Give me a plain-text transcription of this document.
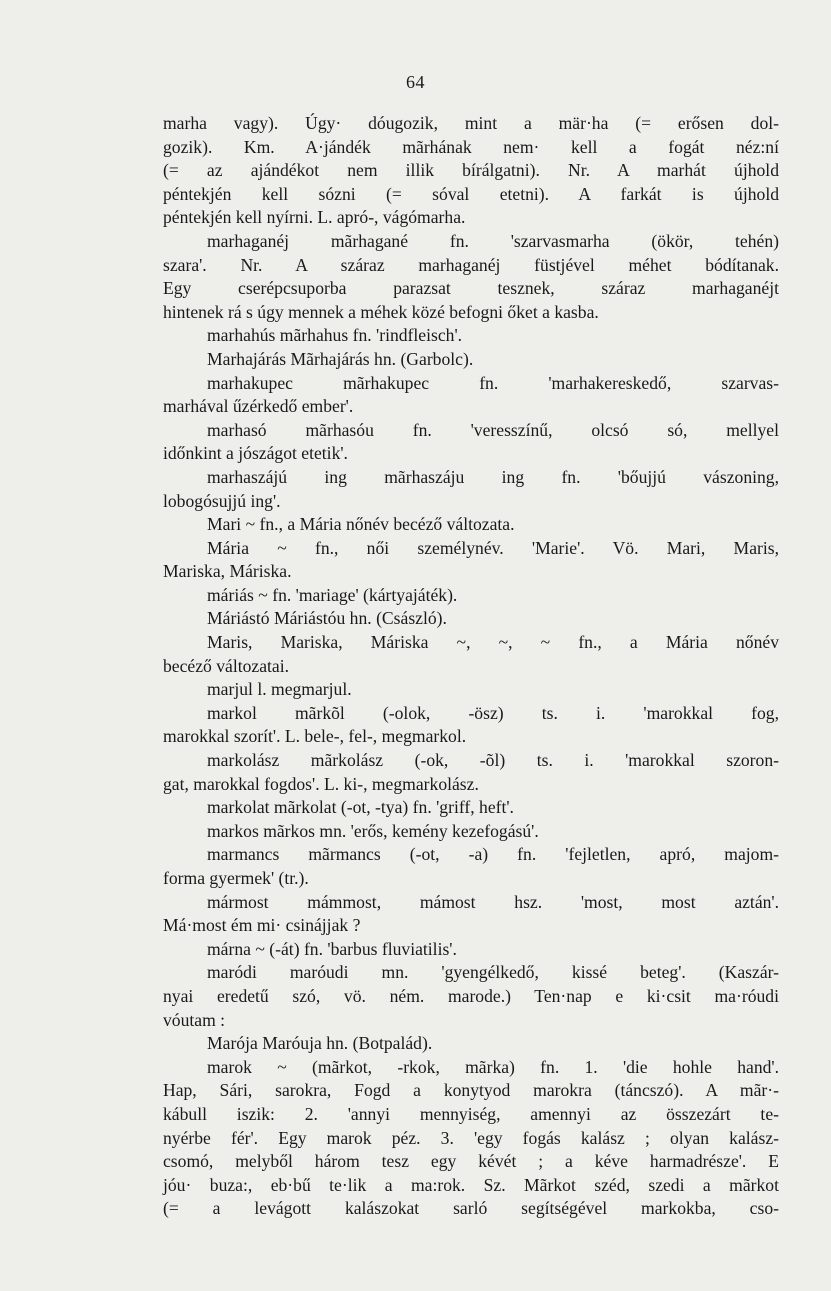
64
marha vagy). Úgy· dóugozik, mint a mär·ha (= erősen dol-
gozik). Km. A·jándék mãrhának nem· kell a fogát néz:ní
(= az ajándékot nem illik bírálgatni). Nr. A marhát újhold
péntekjén kell sózni (= sóval etetni). A farkát is újhold
péntekjén kell nyírni. L. apró-, vágómarha.
marhaganéj mãrhagané fn. 'szarvasmarha (ökör, tehén)
szara'. Nr. A száraz marhaganéj füstjével méhet bódítanak.
Egy cserépcsuporba parazsat tesznek, száraz marhaganéjt
hintenek rá s úgy mennek a méhek közé befogni őket a kasba.
marhahús mãrhahus fn. 'rindfleisch'.
Marhajárás Mãrhajárás hn. (Garbolc).
marhakupec mãrhakupec fn. 'marhakereskedő, szarvas-
marhával űzérkedő ember'.
marhasó mãrhasóu fn. 'veresszínű, olcsó só, mellyel
időnkint a jószágot etetik'.
marhaszájú ing mãrhaszáju ing fn. 'bőujjú vászoning,
lobogósujjú ing'.
Mari ~ fn., a Mária nőnév becéző változata.
Mária ~ fn., női személynév. 'Marie'. Vö. Mari, Maris,
Mariska, Máriska.
máriás ~ fn. 'mariage' (kártyajáték).
Máriástó Máriástóu hn. (Császló).
Maris, Mariska, Máriska ~, ~, ~ fn., a Mária nőnév
becéző változatai.
marjul l. megmarjul.
markol mãrkõl (-olok, -ösz) ts. i. 'marokkal fog,
marokkal szorít'. L. bele-, fel-, megmarkol.
markolász mãrkolász (-ok, -õl) ts. i. 'marokkal szoron-
gat, marokkal fogdos'. L. ki-, megmarkolász.
markolat mãrkolat (-ot, -tya) fn. 'griff, heft'.
markos mãrkos mn. 'erős, kemény kezefogású'.
marmancs mãrmancs (-ot, -a) fn. 'fejletlen, apró, majom-
forma gyermek' (tr.).
mármost mámmost, mámost hsz. 'most, most aztán'.
Má·most ém mi· csinájjak ?
márna ~ (-át) fn. 'barbus fluviatilis'.
maródi maróudi mn. 'gyengélkedő, kissé beteg'. (Kaszár-
nyai eredetű szó, vö. ném. marode.) Ten·nap e ki·csit ma·róudi
vóutam :
Marója Maróuja hn. (Botpalád).
marok ~ (mãrkot, -rkok, mãrka) fn. 1. 'die hohle hand'.
Hap, Sári, sarokra, Fogd a konytyod marokra (táncszó). A mãr·-
kábull iszik: 2. 'annyi mennyiség, amennyi az összezárt te-
nyérbe fér'. Egy marok péz. 3. 'egy fogás kalász ; olyan kalász-
csomó, melyből három tesz egy kévét ; a kéve harmadrésze'. E
jóu· buza:, eb·bű te·lik a ma:rok. Sz. Mãrkot széd, szedi a mãrkot
(= a levágott kalászokat sarló segítségével markokba, cso-
